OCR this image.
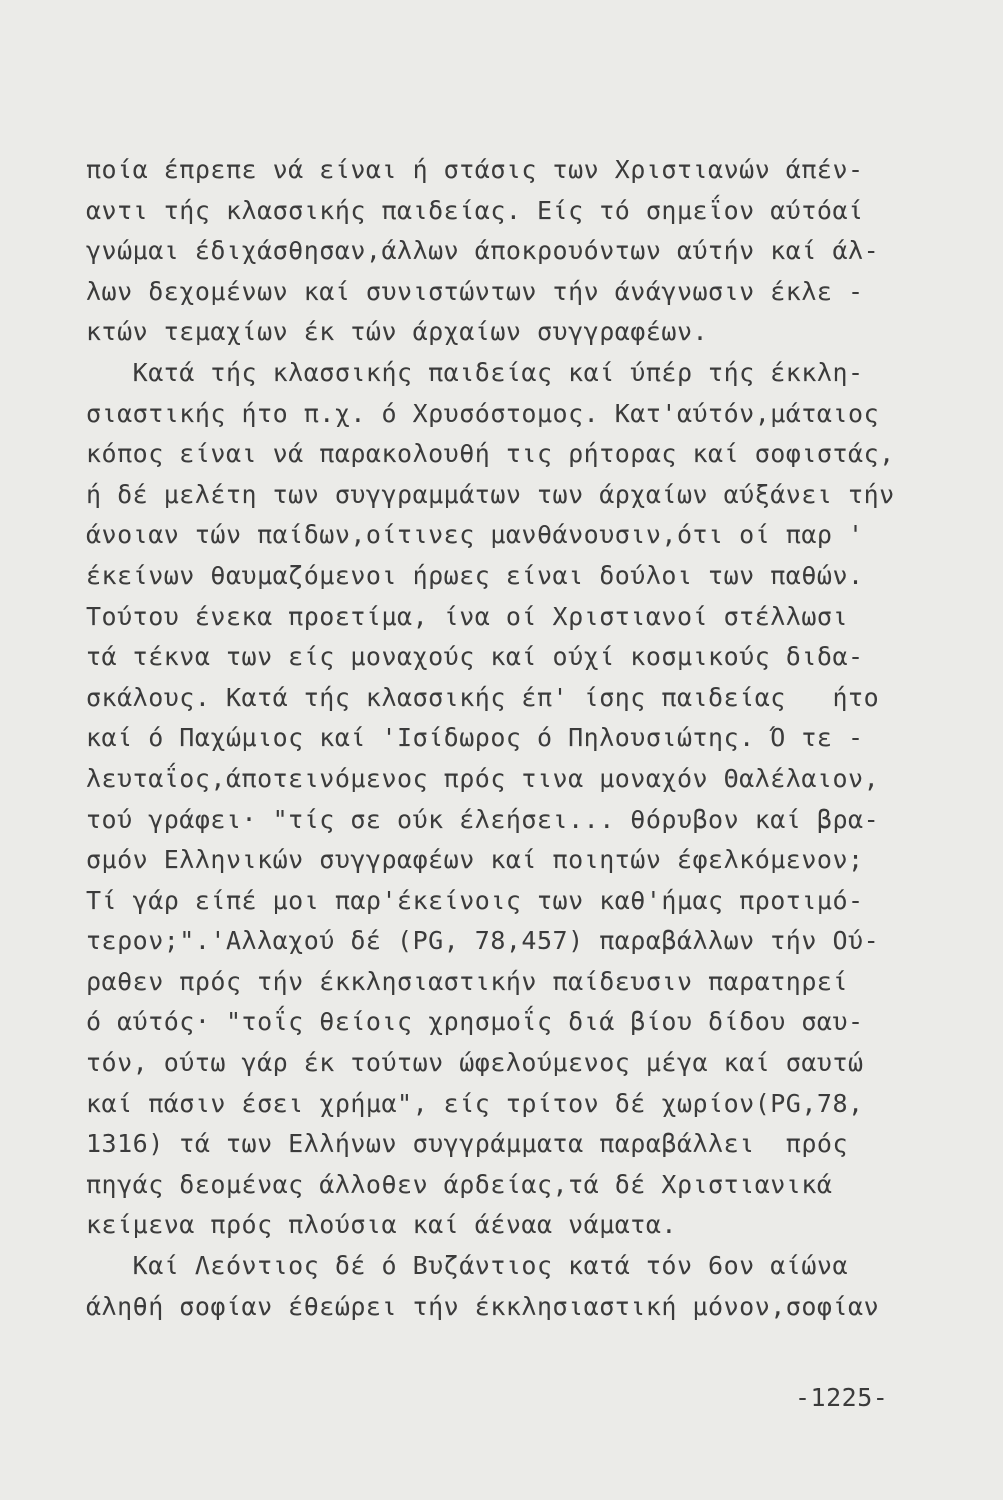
ποία έπρεπε νά είναι ή στάσις των Χριστιανών άπέν-
αντι τής κλασσικής παιδείας. Είς τό σημεΐον αύτόαί
γνώμαι έδιχάσθησαν,άλλων άποκρουόντων αύτήν καί άλ-
λων δεχομένων καί συνιστώντων τήν άνάγνωσιν έκλε -
κτών τεμαχίων έκ τών άρχαίων συγγραφέων.
Κατά τής κλασσικής παιδείας καί ύπέρ τής έκκλη-
σιαστικής ήτο π.χ. ό Χρυσόστομος. Κατ'αύτόν,μάταιος
κόπος είναι νά παρακολουθή τις ρήτορας καί σοφιστάς,
ή δέ μελέτη των συγγραμμάτων των άρχαίων αύξάνει τήν
άνοιαν τών παίδων,οίτινες μανθάνουσιν,ότι οί παρ '
έκείνων θαυμαζόμενοι ήρωες είναι δούλοι των παθών.
Τούτου ένεκα προετίμα, ίνα οί Χριστιανοί στέλλωσι
τά τέκνα των είς μοναχούς καί ούχί κοσμικούς διδα-
σκάλους. Κατά τής κλασσικής έπ' ίσης παιδείας   ήτο
καί ό Παχώμιος καί 'Ισίδωρος ό Πηλουσιώτης. Ό τε -
λευταΐος,άποτεινόμενος πρός τινα μοναχόν Θαλέλαιον,
τού γράφει· "τίς σε ούκ έλεήσει... θόρυβον καί βρα-
σμόν Ελληνικών συγγραφέων καί ποιητών έφελκόμενον;
Τί γάρ είπέ μοι παρ'έκείνοις των καθ'ήμας προτιμό-
τερον;".'Αλλαχού δέ (PG, 78,457) παραβάλλων τήν Ού-
ραθεν πρός τήν έκκλησιαστικήν παίδευσιν παρατηρεί
ό αύτός· "τοΐς θείοις χρησμοΐς διά βίου δίδου σαυ-
τόν, ούτω γάρ έκ τούτων ώφελούμενος μέγα καί σαυτώ
καί πάσιν έσει χρήμα", είς τρίτον δέ χωρίον(PG,78,
1316) τά των Ελλήνων συγγράμματα παραβάλλει  πρός
πηγάς δεομένας άλλοθεν άρδείας,τά δέ Χριστιανικά
κείμενα πρός πλούσια καί άέναα νάματα.
Καί Λεόντιος δέ ό Βυζάντιος κατά τόν 6ον αίώνα
άληθή σοφίαν έθεώρει τήν έκκλησιαστική μόνον,σοφίαν
-1225-
